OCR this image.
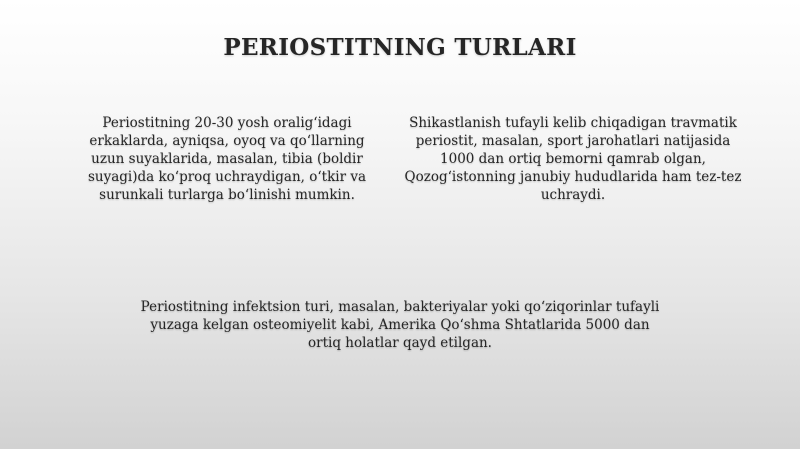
PERIOSTITNING TURLARI

Periostitning 20-30 yosh oralig‘idagi erkaklarda, ayniqsa, oyoq va qo‘llarning uzun suyaklarida, masalan, tibia (boldir suyagi)da ko‘proq uchraydigan, o‘tkir va surunkali turlarga bo‘linishi mumkin.

Shikastlanish tufayli kelib chiqadigan travmatik periostit, masalan, sport jarohatlari natijasida 1000 dan ortiq bemorni qamrab olgan, Qozog‘istonning janubiy hududlarida ham tez-tez uchraydi.

Periostitning infektsion turi, masalan, bakteriyalar yoki qo‘ziqorinlar tufayli yuzaga kelgan osteomiyelit kabi, Amerika Qo‘shma Shtatlarida 5000 dan ortiq holatlar qayd etilgan.
